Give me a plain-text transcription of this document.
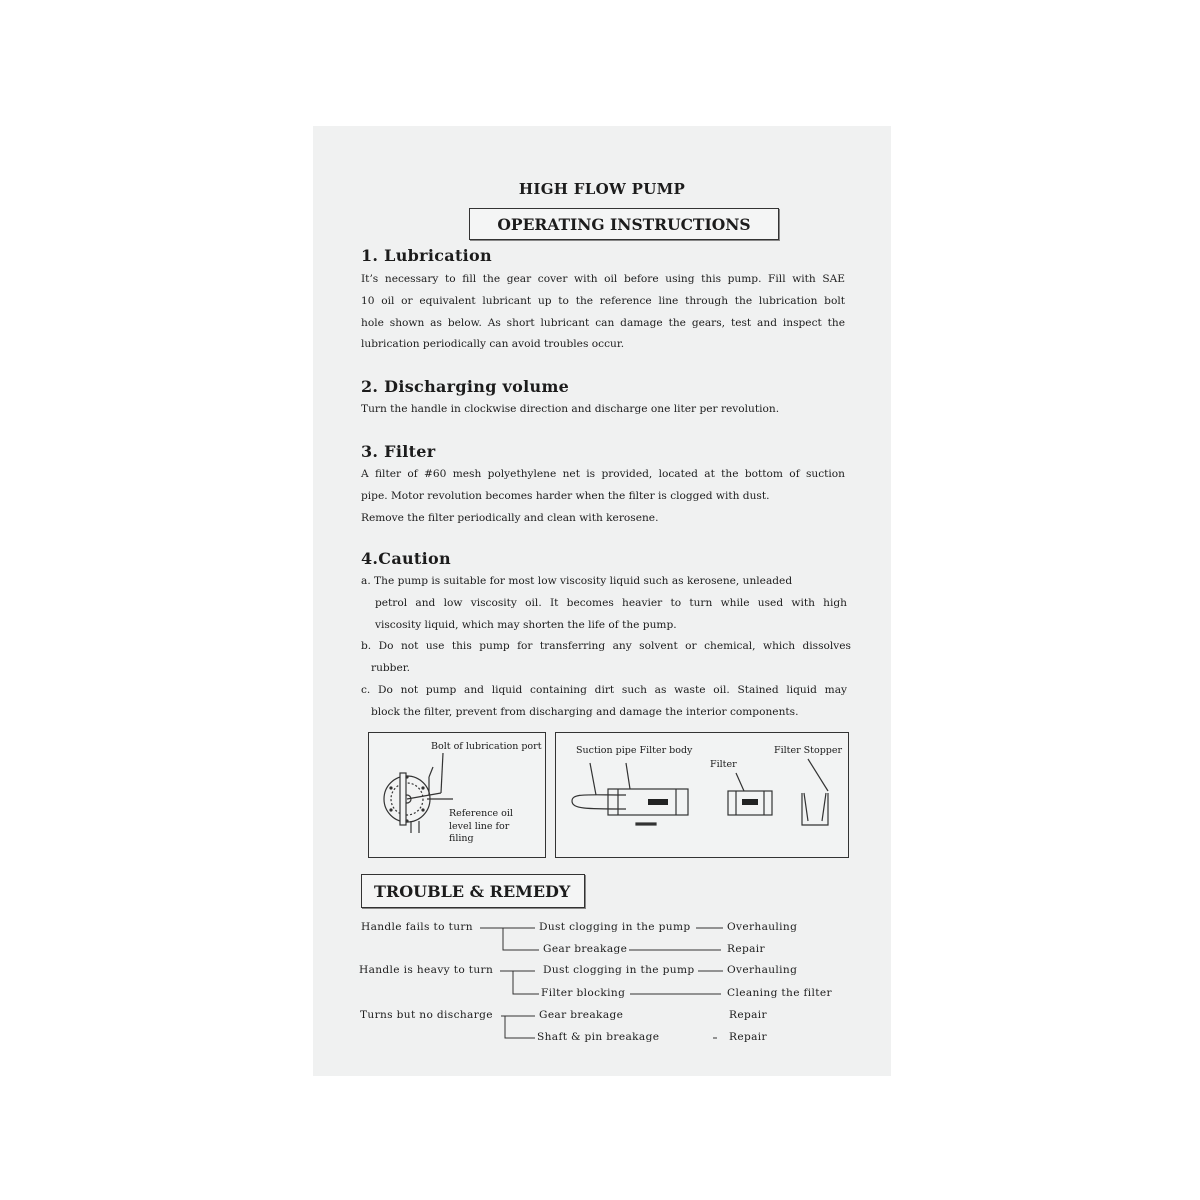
HIGH FLOW PUMP
OPERATING INSTRUCTIONS
1. Lubrication

It’s necessary to fill the gear cover with oil before using this pump. Fill with SAE

10 oil or equivalent lubricant up to the reference line through the lubrication bolt

hole shown as below. As short lubricant can damage the gears, test and inspect the

lubrication periodically can avoid troubles occur.

2. Discharging volume

Turn the handle in clockwise direction and discharge one liter per revolution.

3. Filter

A filter of #60 mesh polyethylene net is provided, located at the bottom of suction

pipe. Motor revolution becomes harder when the filter is clogged with dust.

Remove the filter periodically and clean with kerosene.

4.Caution

a. The pump is suitable for most low viscosity liquid such as kerosene, unleaded

petrol and low viscosity oil. It becomes heavier to turn while used with high

viscosity liquid, which may shorten the life of the pump.

b. Do not use this pump for transferring any solvent or chemical, which dissolves

rubber.

c. Do not pump and liquid containing dirt such as waste oil. Stained liquid may

block the filter, prevent from discharging and damage the interior components.

Bolt of lubrication port
Reference oil
level line for
filing
Suction pipe Filter body
Filter
Filter Stopper
TROUBLE & REMEDY
Handle fails to turn	Dust clogging in the pump	Overhauling
Gear breakage	Repair
Handle is heavy to turn	Dust clogging in the pump	Overhauling
Filter blocking	Cleaning the filter
Turns but no discharge	Gear breakage	Repair
Shaft & pin breakage	Repair
